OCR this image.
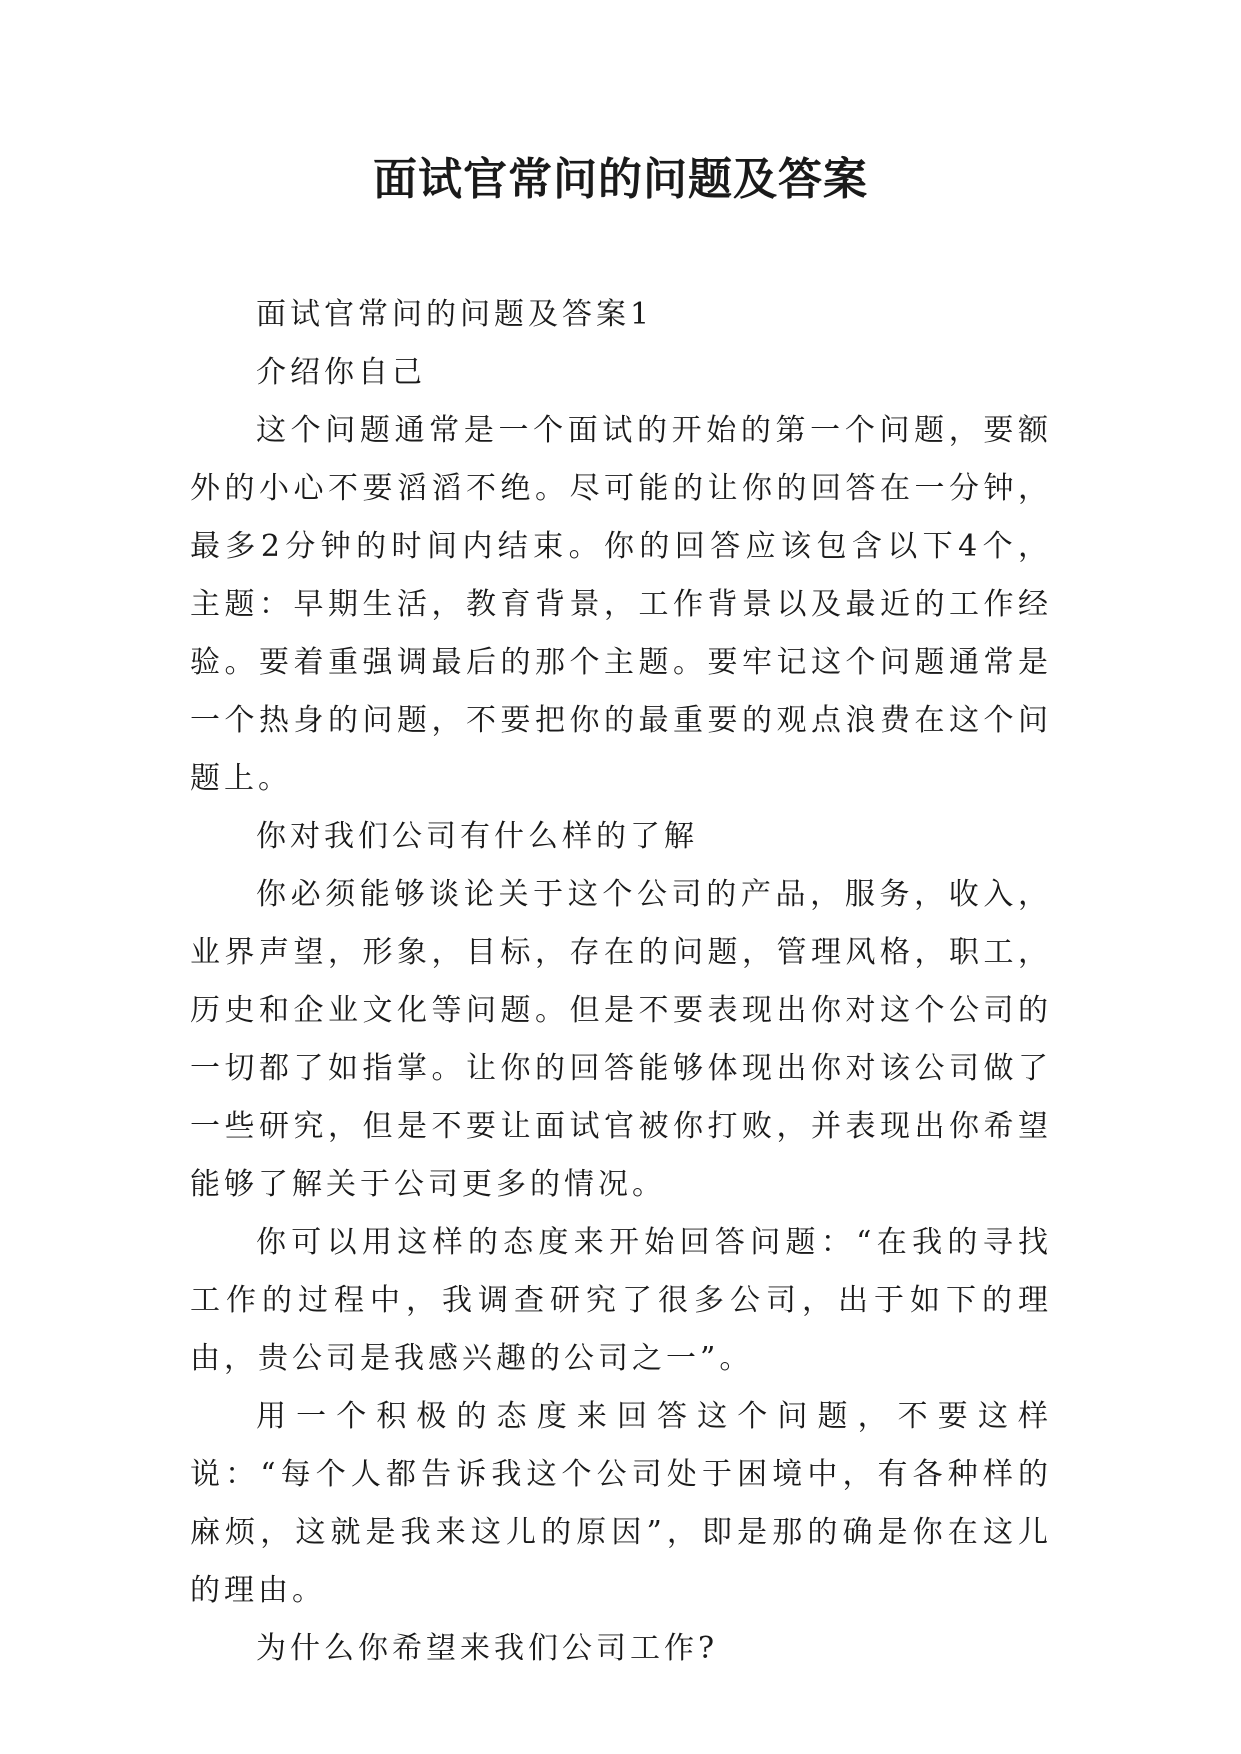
面试官常问的问题及答案

面试官常问的问题及答案1

介绍你自己

这个问题通常是一个面试的开始的第一个问题，要额外的小心不要滔滔不绝。尽可能的让你的回答在一分钟，最多2分钟的时间内结束。你的回答应该包含以下4个，主题：早期生活，教育背景，工作背景以及最近的工作经验。要着重强调最后的那个主题。要牢记这个问题通常是一个热身的问题，不要把你的最重要的观点浪费在这个问题上。

你对我们公司有什么样的了解

你必须能够谈论关于这个公司的产品，服务，收入，业界声望，形象，目标，存在的问题，管理风格，职工，历史和企业文化等问题。但是不要表现出你对这个公司的一切都了如指掌。让你的回答能够体现出你对该公司做了一些研究，但是不要让面试官被你打败，并表现出你希望能够了解关于公司更多的情况。

你可以用这样的态度来开始回答问题：“在我的寻找工作的过程中，我调查研究了很多公司，出于如下的理由，贵公司是我感兴趣的公司之一”。

用一个积极的态度来回答这个问题，不要这样说：“每个人都告诉我这个公司处于困境中，有各种样的麻烦，这就是我来这儿的原因”，即是那的确是你在这儿的理由。

为什么你希望来我们公司工作?
